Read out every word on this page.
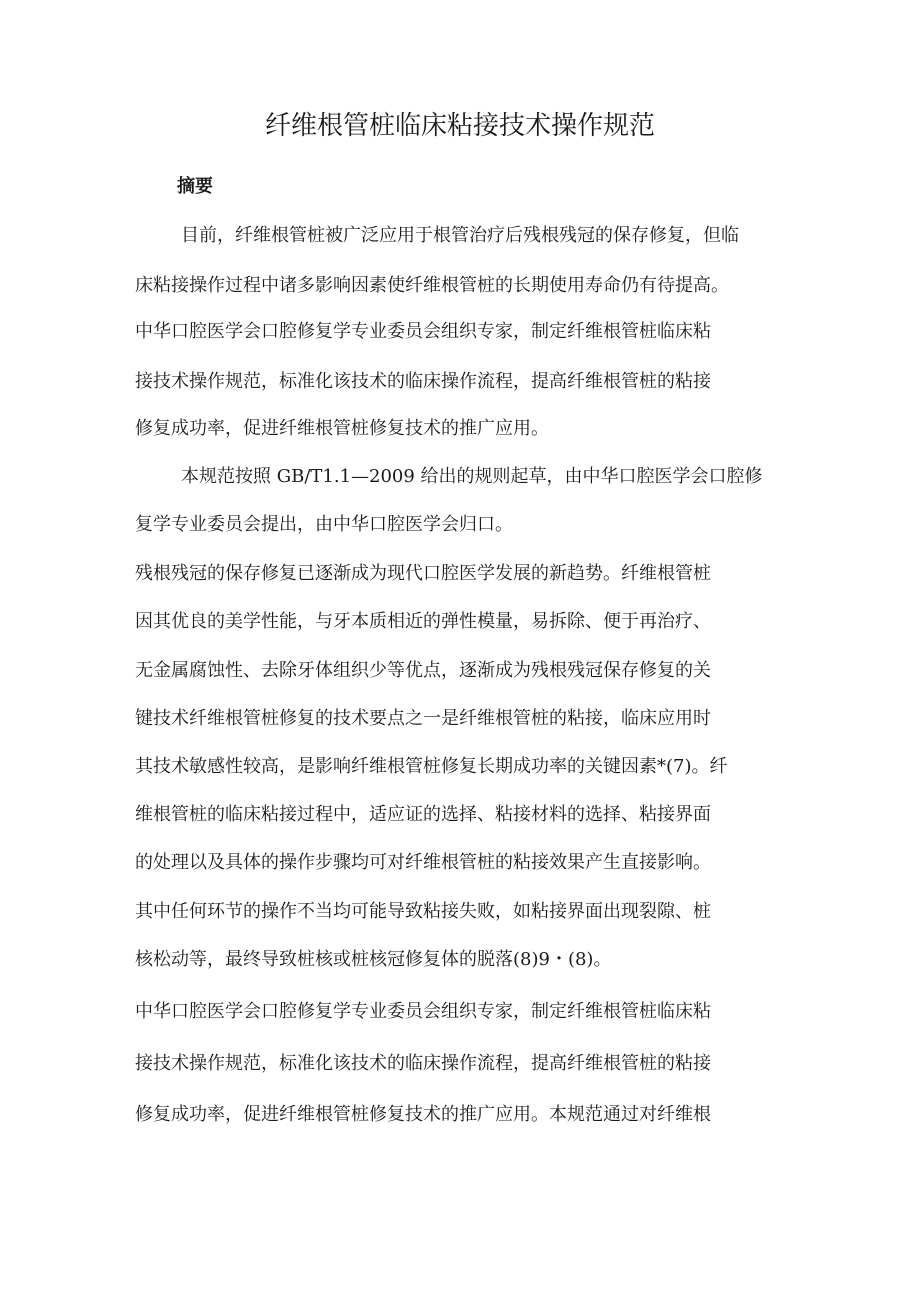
纤维根管桩临床粘接技术操作规范
摘要
目前，纤维根管桩被广泛应用于根管治疗后残根残冠的保存修复，但临
床粘接操作过程中诸多影响因素使纤维根管桩的长期使用寿命仍有待提高。
中华口腔医学会口腔修复学专业委员会组织专家，制定纤维根管桩临床粘
接技术操作规范，标准化该技术的临床操作流程，提高纤维根管桩的粘接
修复成功率，促进纤维根管桩修复技术的推广应用。
本规范按照 GB/T1.1—2009 给出的规则起草，由中华口腔医学会口腔修
复学专业委员会提出，由中华口腔医学会归口。
残根残冠的保存修复已逐渐成为现代口腔医学发展的新趋势。纤维根管桩
因其优良的美学性能，与牙本质相近的弹性模量，易拆除、便于再治疗、
无金属腐蚀性、去除牙体组织少等优点，逐渐成为残根残冠保存修复的关
键技术纤维根管桩修复的技术要点之一是纤维根管桩的粘接，临床应用时
其技术敏感性较高，是影响纤维根管桩修复长期成功率的关键因素*(7)。纤
维根管桩的临床粘接过程中，适应证的选择、粘接材料的选择、粘接界面
的处理以及具体的操作步骤均可对纤维根管桩的粘接效果产生直接影响。
其中任何环节的操作不当均可能导致粘接失败，如粘接界面出现裂隙、桩
核松动等，最终导致桩核或桩核冠修复体的脱落(8)9・(8)。
中华口腔医学会口腔修复学专业委员会组织专家，制定纤维根管桩临床粘
接技术操作规范，标准化该技术的临床操作流程，提高纤维根管桩的粘接
修复成功率，促进纤维根管桩修复技术的推广应用。本规范通过对纤维根
